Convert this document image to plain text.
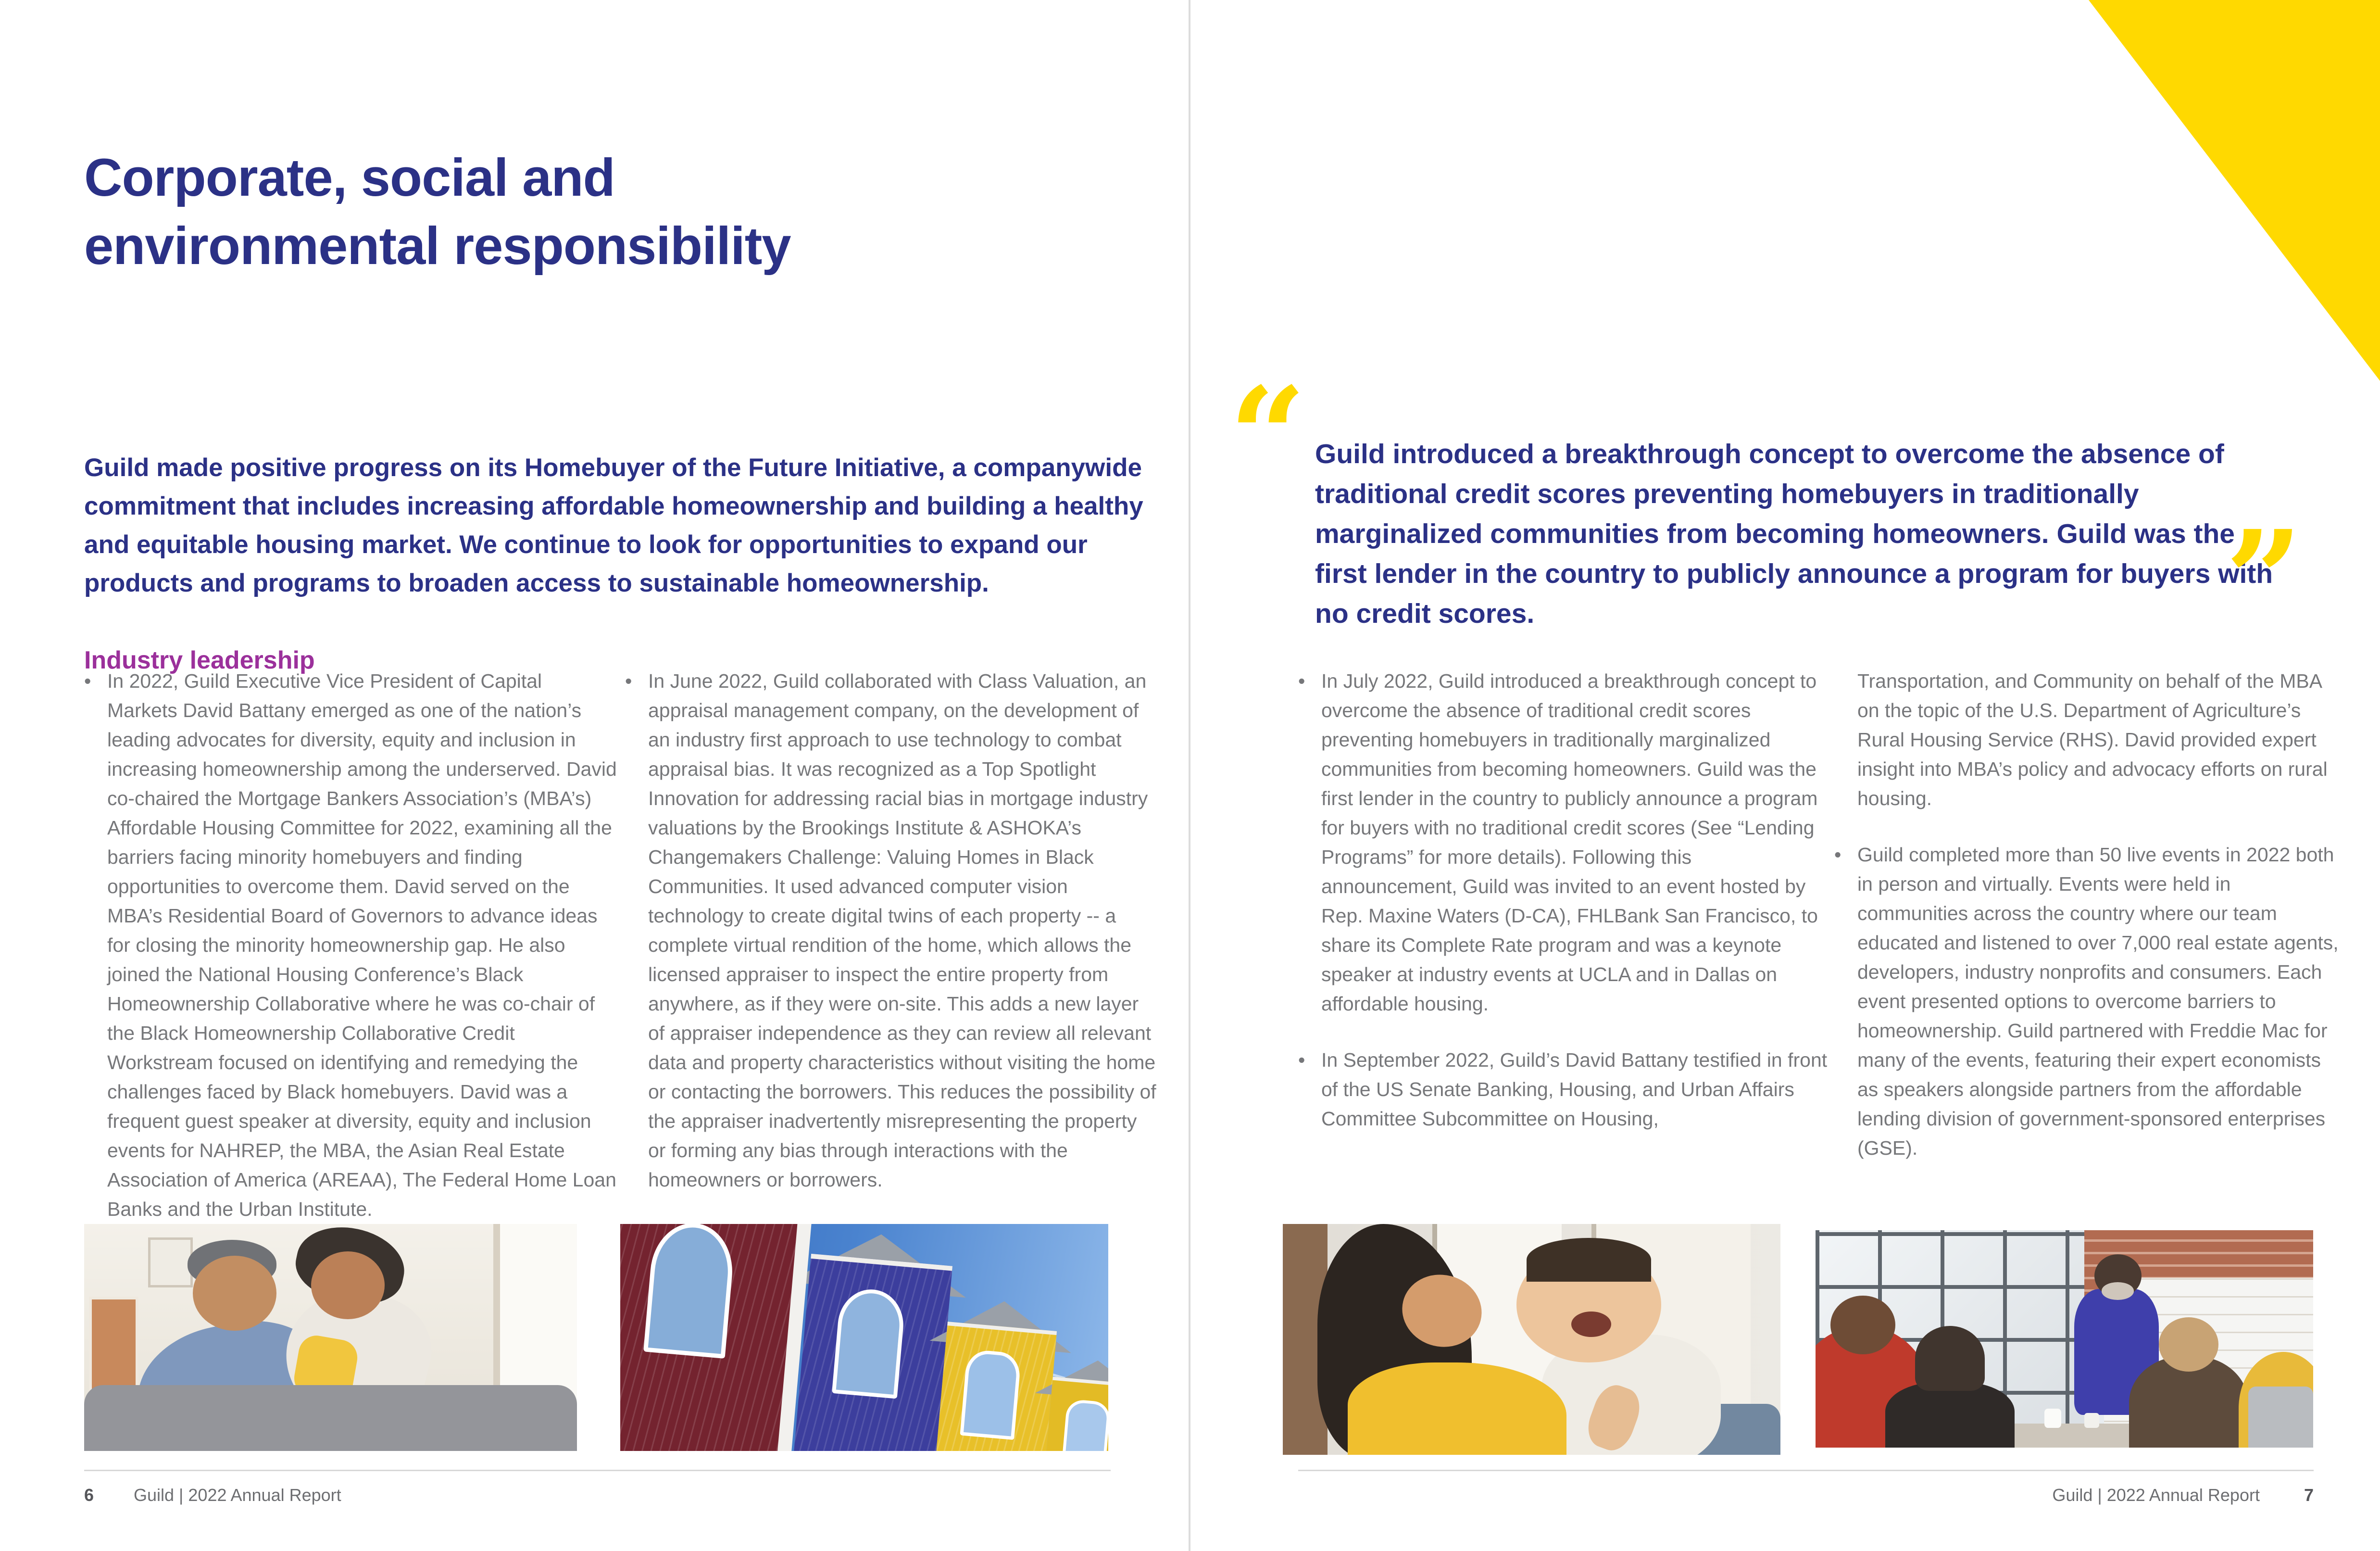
Corporate, social and
environmental responsibility

Guild made positive progress on its Homebuyer of the Future Initiative, a companywide commitment that includes increasing affordable homeownership and building a healthy and equitable housing market. We continue to look for opportunities to expand our products and programs to broaden access to sustainable homeownership.

Industry leadership
• In 2022, Guild Executive Vice President of Capital Markets David Battany emerged as one of the nation’s leading advocates for diversity, equity and inclusion in increasing homeownership among the underserved. David co-chaired the Mortgage Bankers Association’s (MBA’s) Affordable Housing Committee for 2022, examining all the barriers facing minority homebuyers and finding opportunities to overcome them. David served on the MBA’s Residential Board of Governors to advance ideas for closing the minority homeownership gap. He also joined the National Housing Conference’s Black Homeownership Collaborative where he was co-chair of the Black Homeownership Collaborative Credit Workstream focused on identifying and remedying the challenges faced by Black homebuyers. David was a frequent guest speaker at diversity, equity and inclusion events for NAHREP, the MBA, the Asian Real Estate Association of America (AREAA), The Federal Home Loan Banks and the Urban Institute.
• In June 2022, Guild collaborated with Class Valuation, an appraisal management company, on the development of an industry first approach to use technology to combat appraisal bias. It was recognized as a Top Spotlight Innovation for addressing racial bias in mortgage industry valuations by the Brookings Institute & ASHOKA’s Changemakers Challenge: Valuing Homes in Black Communities. It used advanced computer vision technology to create digital twins of each property -- a complete virtual rendition of the home, which allows the licensed appraiser to inspect the entire property from anywhere, as if they were on-site. This adds a new layer of appraiser independence as they can review all relevant data and property characteristics without visiting the home or contacting the borrowers. This reduces the possibility of the appraiser inadvertently misrepresenting the property or forming any bias through interactions with the homeowners or borrowers.
6 Guild | 2022 Annual Report
“ Guild introduced a breakthrough concept to overcome the absence of traditional credit scores preventing homebuyers in traditionally marginalized communities from becoming homeowners. Guild was the first lender in the country to publicly announce a program for buyers with no credit scores.	”
• In July 2022, Guild introduced a breakthrough concept to overcome the absence of traditional credit scores preventing homebuyers in traditionally marginalized communities from becoming homeowners. Guild was the first lender in the country to publicly announce a program for buyers with no traditional credit scores (See “Lending Programs” for more details). Following this announcement, Guild was invited to an event hosted by Rep. Maxine Waters (D-CA), FHLBank San Francisco, to share its Complete Rate program and was a keynote speaker at industry events at UCLA and in Dallas on affordable housing.
• In September 2022, Guild’s David Battany testified in front of the US Senate Banking, Housing, and Urban Affairs Committee Subcommittee on Housing,
Transportation, and Community on behalf of the MBA on the topic of the U.S. Department of Agriculture’s Rural Housing Service (RHS). David provided expert insight into MBA’s policy and advocacy efforts on rural housing.
• Guild completed more than 50 live events in 2022 both in person and virtually. Events were held in communities across the country where our team educated and listened to over 7,000 real estate agents, developers, industry nonprofits and consumers. Each event presented options to overcome barriers to homeownership. Guild partnered with Freddie Mac for many of the events, featuring their expert economists as speakers alongside partners from the affordable lending division of government-sponsored enterprises (GSE).
Guild | 2022 Annual Report	7
